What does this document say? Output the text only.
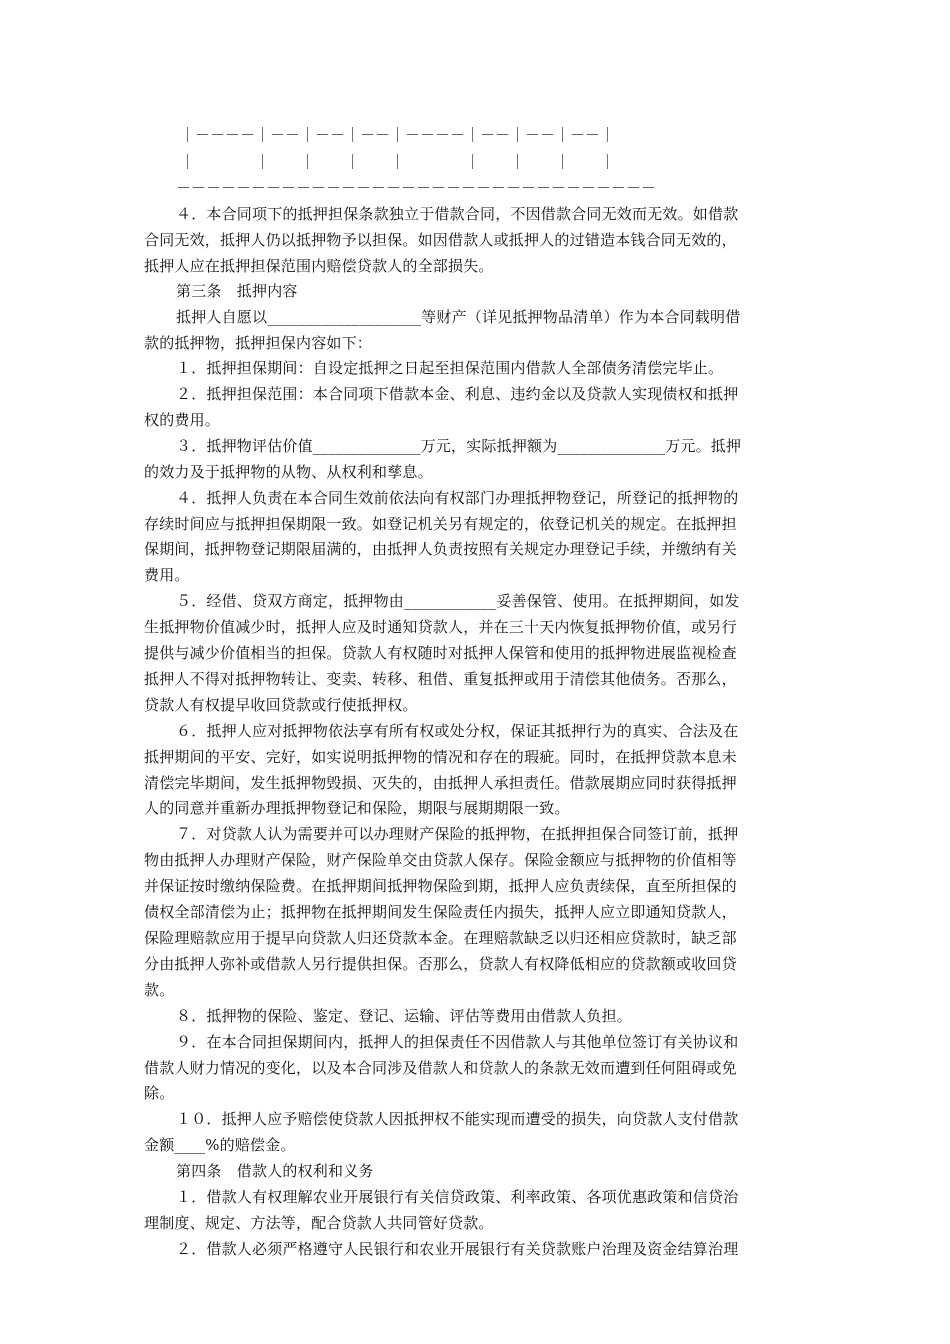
｜－－－－｜－－｜－－｜－－｜－－－－｜－－｜－－｜－－｜
｜　　　　｜　　｜　　｜　　｜　　　　｜　　｜　　｜　　｜
－－－－－－－－－－－－－－－－－－－－－－－－－－－－－－－－
４．本合同项下的抵押担保条款独立于借款合同，不因借款合同无效而无效。如借款
合同无效，抵押人仍以抵押物予以担保。如因借款人或抵押人的过错造本钱合同无效的，
抵押人应在抵押担保范围内赔偿贷款人的全部损失。
第三条　抵押内容
抵押人自愿以____________________等财产（详见抵押物品清单）作为本合同载明借
款的抵押物，抵押担保内容如下：
１．抵押担保期间：自设定抵押之日起至担保范围内借款人全部债务清偿完毕止。
２．抵押担保范围：本合同项下借款本金、利息、违约金以及贷款人实现债权和抵押
权的费用。
３．抵押物评估价值______________万元，实际抵押额为______________万元。抵押
的效力及于抵押物的从物、从权利和孳息。
４．抵押人负责在本合同生效前依法向有权部门办理抵押物登记，所登记的抵押物的
存续时间应与抵押担保期限一致。如登记机关另有规定的，依登记机关的规定。在抵押担
保期间，抵押物登记期限届满的，由抵押人负责按照有关规定办理登记手续，并缴纳有关
费用。
５．经借、贷双方商定，抵押物由____________妥善保管、使用。在抵押期间，如发
生抵押物价值减少时，抵押人应及时通知贷款人，并在三十天内恢复抵押物价值，或另行
提供与减少价值相当的担保。贷款人有权随时对抵押人保管和使用的抵押物进展监视检查
抵押人不得对抵押物转让、变卖、转移、租借、重复抵押或用于清偿其他债务。否那么，
贷款人有权提早收回贷款或行使抵押权。
６．抵押人应对抵押物依法享有所有权或处分权，保证其抵押行为的真实、合法及在
抵押期间的平安、完好，如实说明抵押物的情况和存在的瑕疵。同时，在抵押贷款本息未
清偿完毕期间，发生抵押物毁损、灭失的，由抵押人承担责任。借款展期应同时获得抵押
人的同意并重新办理抵押物登记和保险，期限与展期期限一致。
７．对贷款人认为需要并可以办理财产保险的抵押物，在抵押担保合同签订前，抵押
物由抵押人办理财产保险，财产保险单交由贷款人保存。保险金额应与抵押物的价值相等
并保证按时缴纳保险费。在抵押期间抵押物保险到期，抵押人应负责续保，直至所担保的
债权全部清偿为止；抵押物在抵押期间发生保险责任内损失，抵押人应立即通知贷款人，
保险理赔款应用于提早向贷款人归还贷款本金。在理赔款缺乏以归还相应贷款时，缺乏部
分由抵押人弥补或借款人另行提供担保。否那么，贷款人有权降低相应的贷款额或收回贷
款。
８．抵押物的保险、鉴定、登记、运输、评估等费用由借款人负担。
９．在本合同担保期间内，抵押人的担保责任不因借款人与其他单位签订有关协议和
借款人财力情况的变化，以及本合同涉及借款人和贷款人的条款无效而遭到任何阻碍或免
除。
１０．抵押人应予赔偿使贷款人因抵押权不能实现而遭受的损失，向贷款人支付借款
金额____%的赔偿金。
第四条　借款人的权利和义务
１．借款人有权理解农业开展银行有关信贷政策、利率政策、各项优惠政策和信贷治
理制度、规定、方法等，配合贷款人共同管好贷款。
２．借款人必须严格遵守人民银行和农业开展银行有关贷款账户治理及资金结算治理
